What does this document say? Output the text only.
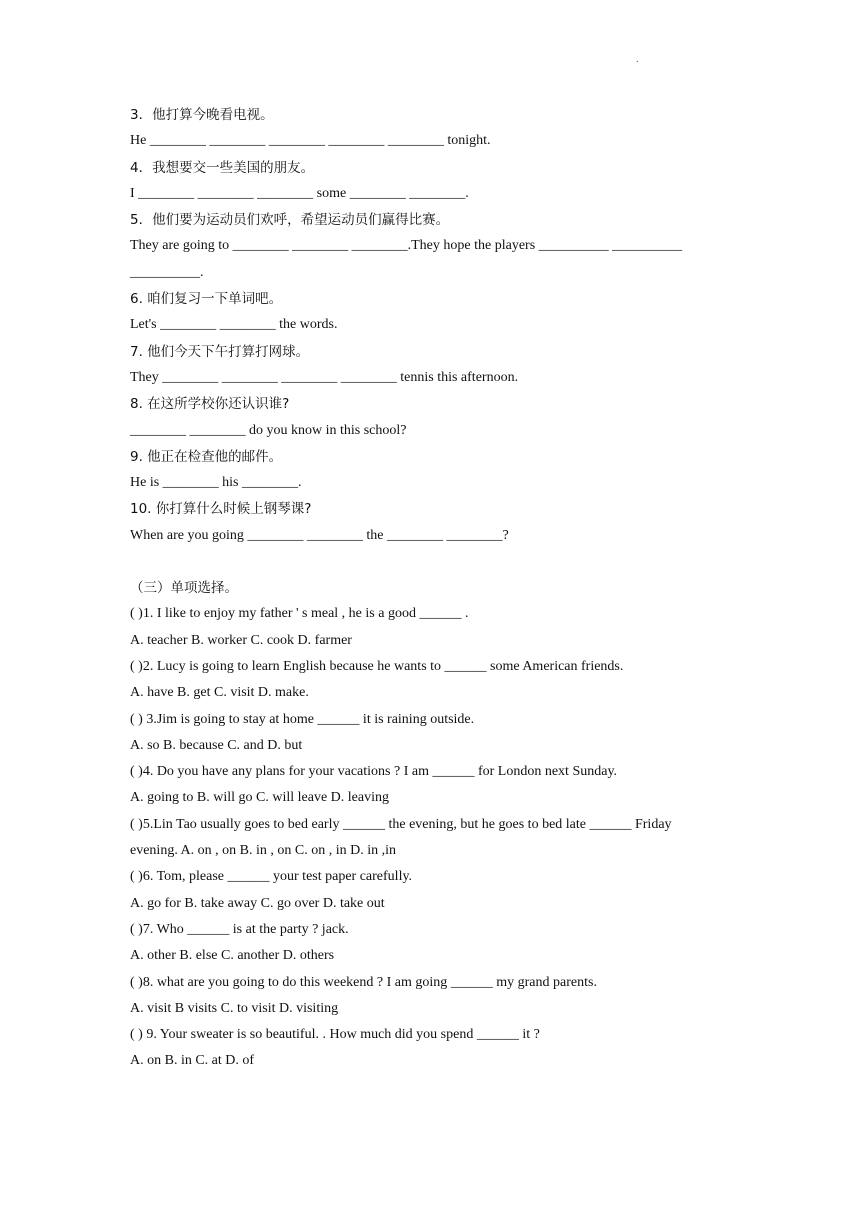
.
3．他打算今晚看电视。
He ________ ________ ________ ________ ________ tonight.
4．我想要交一些美国的朋友。
I ________ ________ ________ some ________ ________.
5．他们要为运动员们欢呼，希望运动员们赢得比赛。
They are going to ________ ________ ________.They hope the players __________ __________
__________.
6. 咱们复习一下单词吧。
Let's ________ ________ the words.
7. 他们今天下午打算打网球。
They ________ ________ ________ ________ tennis this afternoon.
8. 在这所学校你还认识谁?
________ ________ do you know in this school?
9. 他正在检查他的邮件。
He is ________ his ________.
10. 你打算什么时候上钢琴课?
When are you going ________ ________ the ________ ________?
（三）单项选择。
( )1. I like to enjoy my father ' s meal , he is a good ______ .
A. teacher B. worker C. cook D. farmer
( )2. Lucy is going to learn English because he wants to ______ some American friends.
A. have B. get C. visit D. make.
( ) 3.Jim is going to stay at home ______ it is raining outside.
A. so B. because C. and D. but
( )4. Do you have any plans for your vacations ? I am ______ for London next Sunday.
A. going to B. will go C. will leave D. leaving
( )5.Lin Tao usually goes to bed early ______ the evening, but he goes to bed late ______ Friday
evening. A. on , on B. in , on C. on , in D. in ,in
( )6. Tom, please ______ your test paper carefully.
A. go for B. take away C. go over D. take out
( )7. Who ______ is at the party ? jack.
A. other B. else C. another D. others
( )8. what are you going to do this weekend ? I am going ______ my grand parents.
A. visit B visits C. to visit D. visiting
( ) 9. Your sweater is so beautiful. . How much did you spend ______ it ?
A. on B. in C. at D. of
